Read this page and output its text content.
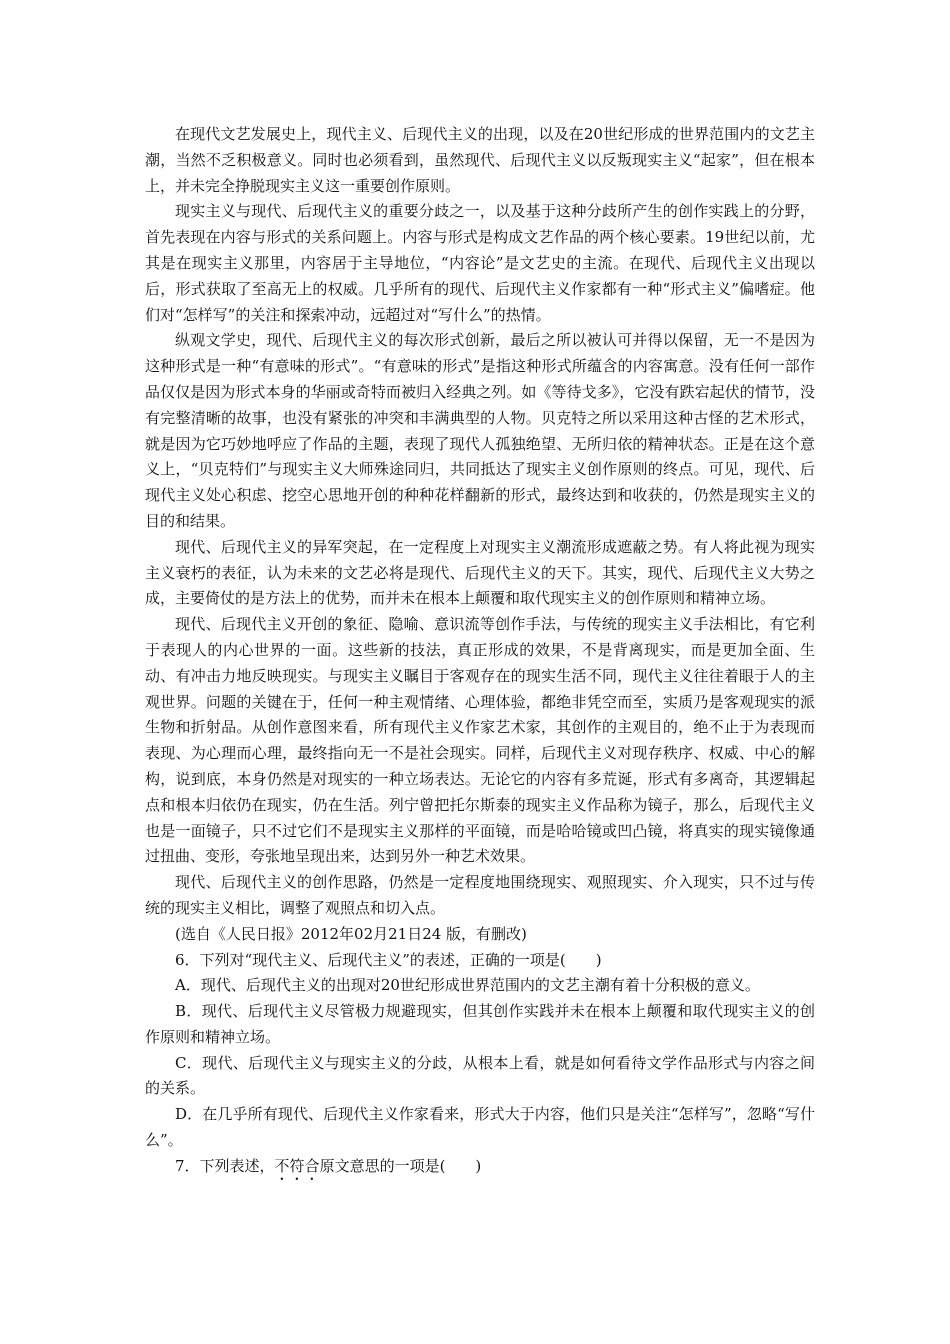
在现代文艺发展史上，现代主义、后现代主义的出现，以及在20世纪形成的世界范围内的文艺主潮，当然不乏积极意义。同时也必须看到，虽然现代、后现代主义以反叛现实主义“起家”，但在根本上，并未完全挣脱现实主义这一重要创作原则。

现实主义与现代、后现代主义的重要分歧之一，以及基于这种分歧所产生的创作实践上的分野，首先表现在内容与形式的关系问题上。内容与形式是构成文艺作品的两个核心要素。19世纪以前，尤其是在现实主义那里，内容居于主导地位，“内容论”是文艺史的主流。在现代、后现代主义出现以后，形式获取了至高无上的权威。几乎所有的现代、后现代主义作家都有一种“形式主义”偏嗜症。他们对“怎样写”的关注和探索冲动，远超过对“写什么”的热情。

纵观文学史，现代、后现代主义的每次形式创新，最后之所以被认可并得以保留，无一不是因为这种形式是一种“有意味的形式”。“有意味的形式”是指这种形式所蕴含的内容寓意。没有任何一部作品仅仅是因为形式本身的华丽或奇特而被归入经典之列。如《等待戈多》，它没有跌宕起伏的情节，没有完整清晰的故事，也没有紧张的冲突和丰满典型的人物。贝克特之所以采用这种古怪的艺术形式，就是因为它巧妙地呼应了作品的主题，表现了现代人孤独绝望、无所归依的精神状态。正是在这个意义上，“贝克特们”与现实主义大师殊途同归，共同抵达了现实主义创作原则的终点。可见，现代、后现代主义处心积虑、挖空心思地开创的种种花样翻新的形式，最终达到和收获的，仍然是现实主义的目的和结果。

现代、后现代主义的异军突起，在一定程度上对现实主义潮流形成遮蔽之势。有人将此视为现实主义衰朽的表征，认为未来的文艺必将是现代、后现代主义的天下。其实，现代、后现代主义大势之成，主要倚仗的是方法上的优势，而并未在根本上颠覆和取代现实主义的创作原则和精神立场。

现代、后现代主义开创的象征、隐喻、意识流等创作手法，与传统的现实主义手法相比，有它利于表现人的内心世界的一面。这些新的技法，真正形成的效果，不是背离现实，而是更加全面、生动、有冲击力地反映现实。与现实主义瞩目于客观存在的现实生活不同，现代主义往往着眼于人的主观世界。问题的关键在于，任何一种主观情绪、心理体验，都绝非凭空而至，实质乃是客观现实的派生物和折射品。从创作意图来看，所有现代主义作家艺术家，其创作的主观目的，绝不止于为表现而表现、为心理而心理，最终指向无一不是社会现实。同样，后现代主义对现存秩序、权威、中心的解构，说到底，本身仍然是对现实的一种立场表达。无论它的内容有多荒诞，形式有多离奇，其逻辑起点和根本归依仍在现实，仍在生活。列宁曾把托尔斯泰的现实主义作品称为镜子，那么，后现代主义也是一面镜子，只不过它们不是现实主义那样的平面镜，而是哈哈镜或凹凸镜，将真实的现实镜像通过扭曲、变形，夸张地呈现出来，达到另外一种艺术效果。

现代、后现代主义的创作思路，仍然是一定程度地围绕现实、观照现实、介入现实，只不过与传统的现实主义相比，调整了观照点和切入点。

(选自《人民日报》2012年02月21日24 版，有删改)

6．下列对“现代主义、后现代主义”的表述，正确的一项是(　　)

A．现代、后现代主义的出现对20世纪形成世界范围内的文艺主潮有着十分积极的意义。

B．现代、后现代主义尽管极力规避现实，但其创作实践并未在根本上颠覆和取代现实主义的创作原则和精神立场。

C．现代、后现代主义与现实主义的分歧，从根本上看，就是如何看待文学作品形式与内容之间的关系。

D．在几乎所有现代、后现代主义作家看来，形式大于内容，他们只是关注“怎样写”，忽略“写什么”。

7．下列表述，不符合原文意思的一项是(　　)
